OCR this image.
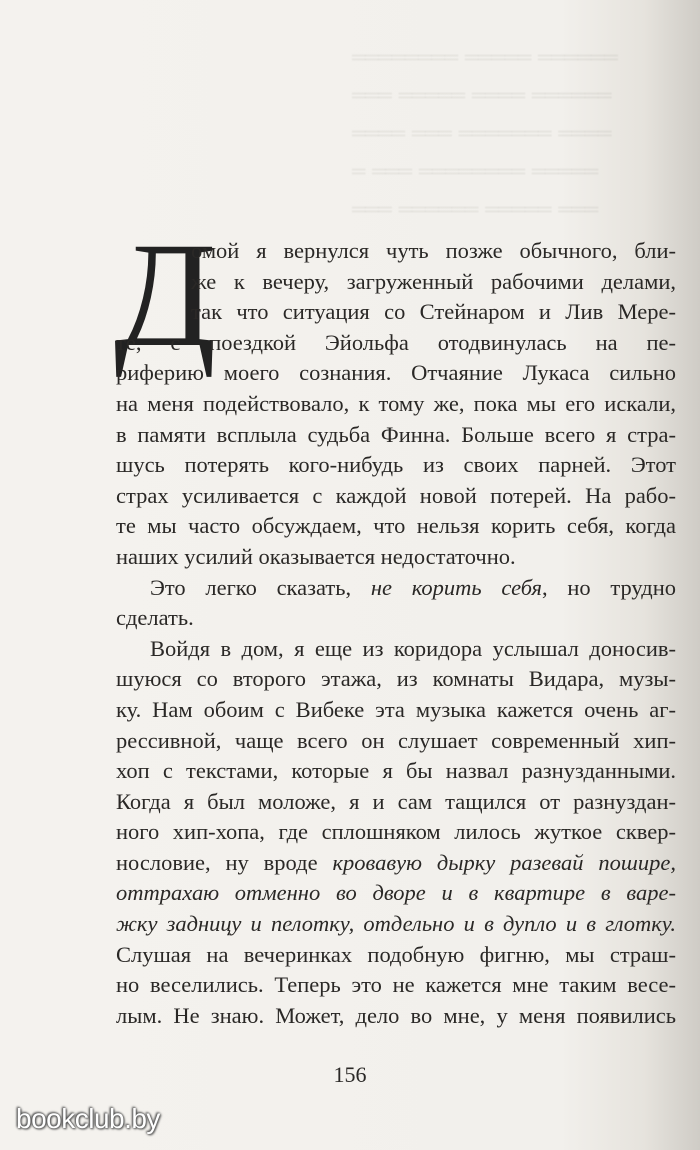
══════ ═════ ════════
══════ ════ ═════ ═══
════ ═══════ ═══ ════
═════ ════════ ═══ ═
═══ ═════ ══════ ═══
Д

омой я вернулся чуть позже обычного, бли-

же к вечеру, загруженный рабочими делами,

так что ситуация со Стейнаром и Лив Мере-

те, с поездкой Эйольфа отодвинулась на пе-

риферию моего сознания. Отчаяние Лукаса сильно

на меня подействовало, к тому же, пока мы его искали,

в памяти всплыла судьба Финна. Больше всего я стра-

шусь потерять кого-нибудь из своих парней. Этот

страх усиливается с каждой новой потерей. На рабо-

те мы часто обсуждаем, что нельзя корить себя, когда

наших усилий оказывается недостаточно.

Это легко сказать, не корить себя, но трудно

сделать.

Войдя в дом, я еще из коридора услышал доносив-

шуюся со второго этажа, из комнаты Видара, музы-

ку. Нам обоим с Вибеке эта музыка кажется очень аг-

рессивной, чаще всего он слушает современный хип-

хоп с текстами, которые я бы назвал разнузданными.

Когда я был моложе, я и сам тащился от разнуздан-

ного хип-хопа, где сплошняком лилось жуткое сквер-

нословие, ну вроде кровавую дырку разевай пошире,

оттрахаю отменно во дворе и в квартире в варе-

жку задницу и пелотку, отдельно и в дупло и в глотку.

Слушая на вечеринках подобную фигню, мы страш-

но веселились. Теперь это не кажется мне таким весе-

лым. Не знаю. Может, дело во мне, у меня появились

156
bookclub.by
